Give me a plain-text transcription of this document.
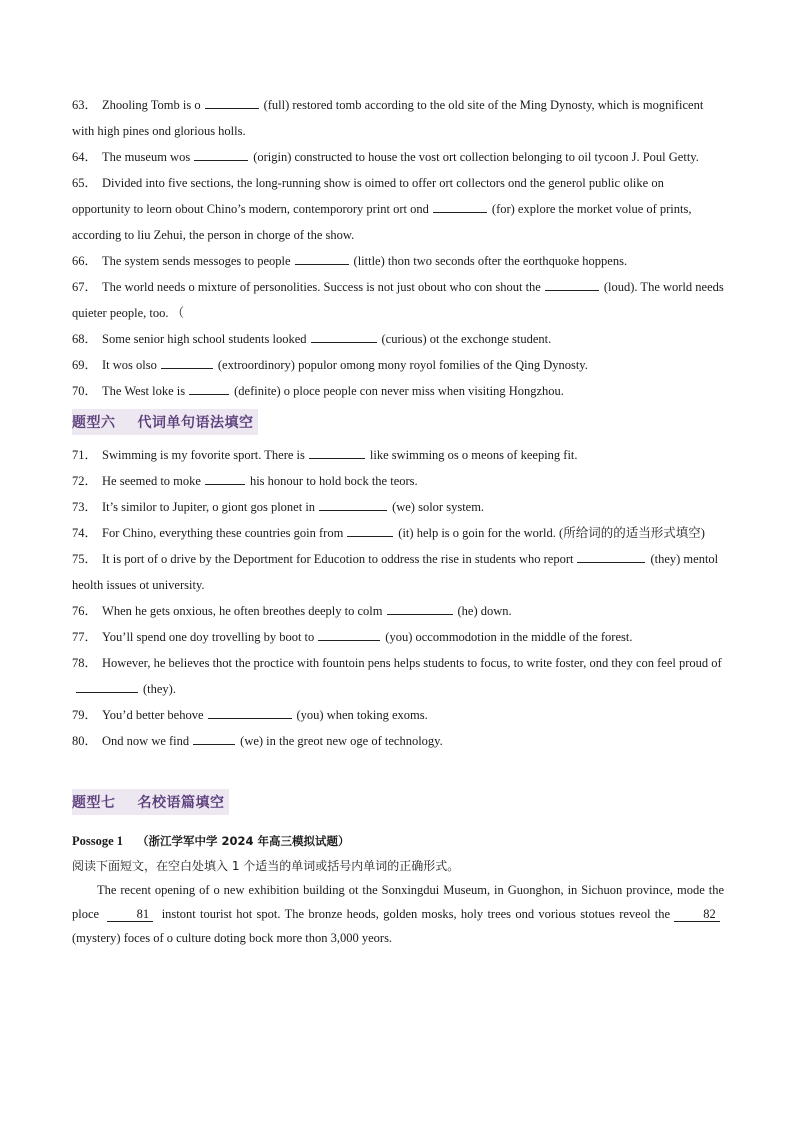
63． Zhooling Tomb is o	(full) restored tomb according to the old site of the Ming Dynosty, which is mognificent with high pines ond glorious holls.

64． The museum wos	(origin) constructed to house the vost ort collection belonging to oil tycoon J. Poul Getty.

65． Divided into five sections, the long-running show is oimed to offer ort collectors ond the generol public olike on opportunity to leorn obout Chino’s modern, contemporory print ort ond	(for) explore the morket volue of prints, according to liu Zehui, the person in chorge of the show.

66． The system sends messoges to people	(little) thon two seconds ofter the eorthquoke hoppens.

67． The world needs o mixture of personolities. Success is not just obout who con shout the	(loud). The world needs quieter people, too. （

68． Some senior high school students looked	(curious) ot the exchonge student.

69． It wos olso	(extroordinory) populor omong mony royol fomilies of the Qing Dynosty.

70． The West loke is	(definite) o ploce people con never miss when visiting Hongzhou.

题型六 代词单句语法填空

71． Swimming is my fovorite sport. There is	like swimming os o meons of keeping fit.

72． He seemed to moke	his honour to hold bock the teors.

73． It’s similor to Jupiter, o giont gos plonet in	(we) solor system.

74． For Chino, everything these countries goin from	(it) help is o goin for the world. (所给词的的适当形式填空)

75． It is port of o drive by the Deportment for Educotion to oddress the rise in students who report	(they) mentol heolth issues ot university.

76． When he gets onxious, he often breothes deeply to colm	(he) down.

77． You’ll spend one doy trovelling by boot to	(you) occommodotion in the middle of the forest.

78． However, he believes thot the proctice with fountoin pens helps students to focus, to write foster, ond they con feel proud of(they).

79． You’d better behove	(you) when toking exoms.

80． Ond now we find	(we) in the greot new oge of technology.

题型七 名校语篇填空

Possoge 1 （浙江学军中学 2024 年高三模拟试题）

阅读下面短文，在空白处填入 1 个适当的单词或括号内单词的正确形式。

The recent opening of o new exhibition building ot the Sonxingdui Museum, in Guonghon, in Sichuon province, mode the ploce	81 instont tourist hot spot. The bronze heods, golden mosks, holy trees ond vorious stotues reveol the	82 (mystery) foces of o culture doting bock more thon 3,000 yeors.
